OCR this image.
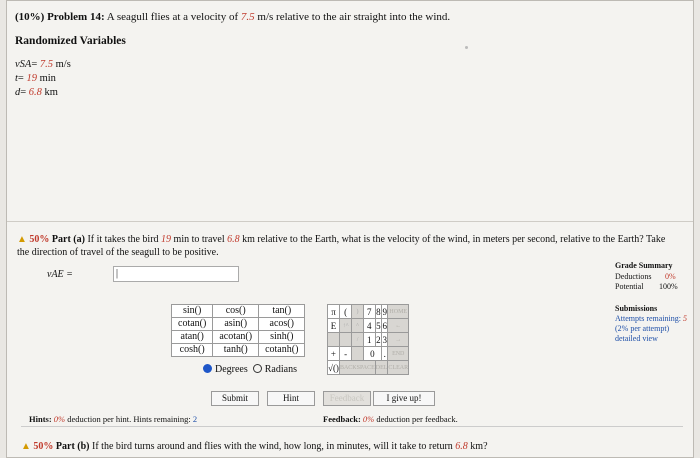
(10%) Problem 14: A seagull flies at a velocity of 7.5 m/s relative to the air straight into the wind.
Randomized Variables
vSA= 7.5 m/s
t= 19 min
d= 6.8 km
▲ 50% Part (a) If it takes the bird 19 min to travel 6.8 km relative to the Earth, what is the velocity of the wind, in meters per second, relative to the Earth? Take the direction of travel of the seagull to be positive.
vAE =	|
sin()	cos()	tan()
cotan()	asin()	acos()
atan()	acotan()	sinh()
cosh()	tanh()	cotanh()
Degrees Radians
π	(	)	7	8	9	HOME
E	↑^	^	4	5	6	←
		/	1	2	3	→
+	-		0		.	END
√()	BACKSPACE			DEL		CLEAR
Submit	Hint	Feedback	I give up!
Hints: 0% deduction per hint. Hints remaining: 2	Feedback: 0% deduction per feedback.
▲ 50% Part (b) If the bird turns around and flies with the wind, how long, in minutes, will it take to return 6.8 km?
Grade Summary
Deductions 0%
Potential 100%
Submissions
Attempts remaining: 5
(2% per attempt)
detailed view
